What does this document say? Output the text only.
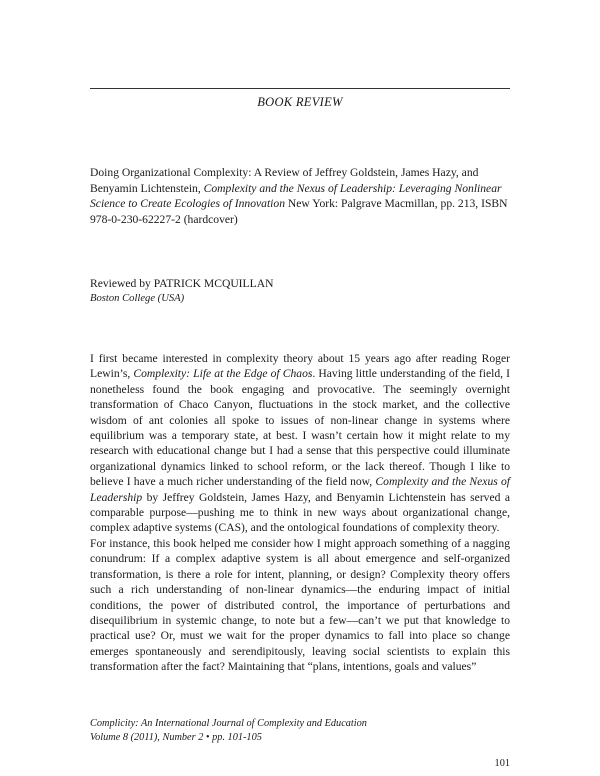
BOOK REVIEW
Doing Organizational Complexity: A Review of Jeffrey Goldstein, James Hazy, and Benyamin Lichtenstein, Complexity and the Nexus of Leadership: Leveraging Nonlinear Science to Create Ecologies of Innovation New York: Palgrave Macmillan, pp. 213, ISBN 978-0-230-62227-2 (hardcover)
Reviewed by PATRICK MCQUILLAN
Boston College (USA)

I first became interested in complexity theory about 15 years ago after reading Roger Lewin’s, Complexity: Life at the Edge of Chaos. Having little understanding of the field, I nonetheless found the book engaging and provocative. The seemingly overnight transformation of Chaco Canyon, fluctuations in the stock market, and the collective wisdom of ant colonies all spoke to issues of non-linear change in systems where equilibrium was a temporary state, at best. I wasn’t certain how it might relate to my research with educational change but I had a sense that this perspective could illuminate organizational dynamics linked to school reform, or the lack thereof. Though I like to believe I have a much richer understanding of the field now, Complexity and the Nexus of Leadership by Jeffrey Goldstein, James Hazy, and Benyamin Lichtenstein has served a comparable purpose—pushing me to think in new ways about organizational change, complex adaptive systems (CAS), and the ontological foundations of complexity theory.

For instance, this book helped me consider how I might approach something of a nagging conundrum: If a complex adaptive system is all about emergence and self-organized transformation, is there a role for intent, planning, or design? Complexity theory offers such a rich understanding of non-linear dynamics—the enduring impact of initial conditions, the power of distributed control, the importance of perturbations and disequilibrium in systemic change, to note but a few—can’t we put that knowledge to practical use? Or, must we wait for the proper dynamics to fall into place so change emerges spontaneously and serendipitously, leaving social scientists to explain this transformation after the fact? Maintaining that “plans, intentions, goals and values”

Complicity: An International Journal of Complexity and Education
Volume 8 (2011), Number 2 • pp. 101-105
101
